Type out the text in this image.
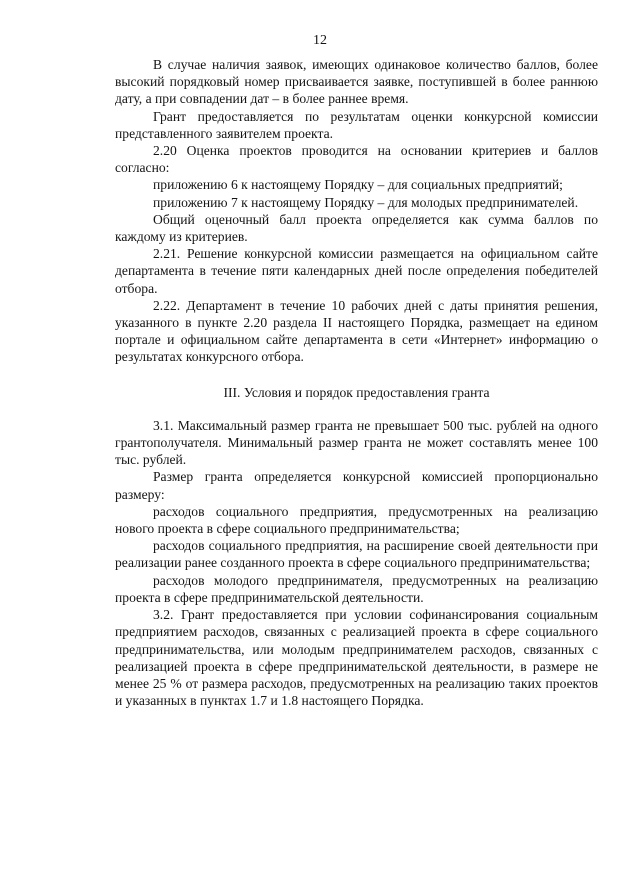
12

В случае наличия заявок, имеющих одинаковое количество баллов, более высокий порядковый номер присваивается заявке, поступившей в более раннюю дату, а при совпадении дат – в более раннее время.

Грант предоставляется по результатам оценки конкурсной комиссии представленного заявителем проекта.

2.20 Оценка проектов проводится на основании критериев и баллов согласно:

приложению 6 к настоящему Порядку – для социальных предприятий;

приложению 7 к настоящему Порядку – для молодых предпринимателей.

Общий оценочный балл проекта определяется как сумма баллов по каждому из критериев.

2.21. Решение конкурсной комиссии размещается на официальном сайте департамента в течение пяти календарных дней после определения победителей отбора.

2.22. Департамент в течение 10 рабочих дней с даты принятия решения, указанного в пункте 2.20 раздела II настоящего Порядка, размещает на едином портале и официальном сайте департамента в сети «Интернет» информацию о результатах конкурсного отбора.

III. Условия и порядок предоставления гранта

3.1. Максимальный размер гранта не превышает 500 тыс. рублей на одного грантополучателя. Минимальный размер гранта не может составлять менее 100 тыс. рублей.

Размер гранта определяется конкурсной комиссией пропорционально размеру:

расходов социального предприятия, предусмотренных на реализацию нового проекта в сфере социального предпринимательства;

расходов социального предприятия, на расширение своей деятельности при реализации ранее созданного проекта в сфере социального предпринимательства;

расходов молодого предпринимателя, предусмотренных на реализацию проекта в сфере предпринимательской деятельности.

3.2. Грант предоставляется при условии софинансирования социальным предприятием расходов, связанных с реализацией проекта в сфере социального предпринимательства, или молодым предпринимателем расходов, связанных с реализацией проекта в сфере предпринимательской деятельности, в размере не менее 25 % от размера расходов, предусмотренных на реализацию таких проектов и указанных в пунктах 1.7 и 1.8 настоящего Порядка.
